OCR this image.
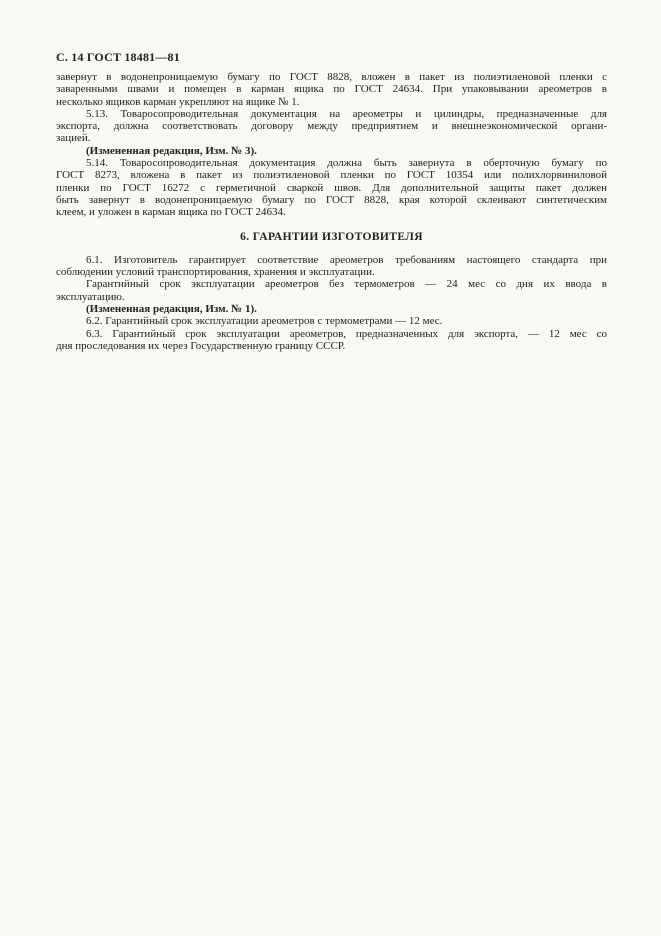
С. 14 ГОСТ 18481—81
завернут в водонепроницаемую бумагу по ГОСТ 8828, вложен в пакет из полиэтиленовой пленки с
заваренными швами и помещен в карман ящика по ГОСТ 24634. При упаковывании ареометров в
несколько ящиков карман укрепляют на ящике № 1.
5.13. Товаросопроводительная документация на ареометры и цилиндры, предназначенные для
экспорта, должна соответствовать договору между предприятием и внешнеэкономической органи-
зацией.
(Измененная редакция, Изм. № 3).
5.14. Товаросопроводительная документация должна быть завернута в оберточную бумагу по
ГОСТ 8273, вложена в пакет из полиэтиленовой пленки по ГОСТ 10354 или полихлорвиниловой
пленки по ГОСТ 16272 с герметичной сваркой швов. Для дополнительной защиты пакет должен
быть завернут в водонепроницаемую бумагу по ГОСТ 8828, края которой склеивают синтетическим
клеем, и уложен в карман ящика по ГОСТ 24634.
6. ГАРАНТИИ ИЗГОТОВИТЕЛЯ
6.1. Изготовитель гарантирует соответствие ареометров требованиям настоящего стандарта при
соблюдении условий транспортирования, хранения и эксплуатации.
Гарантийный срок эксплуатации ареометров без термометров — 24 мес со дня их ввода в
эксплуатацию.
(Измененная редакция, Изм. № 1).
6.2. Гарантийный срок эксплуатации ареометров с термометрами — 12 мес.
6.3. Гарантийный срок эксплуатации ареометров, предназначенных для экспорта, — 12 мес со
дня проследования их через Государственную границу СССР.
